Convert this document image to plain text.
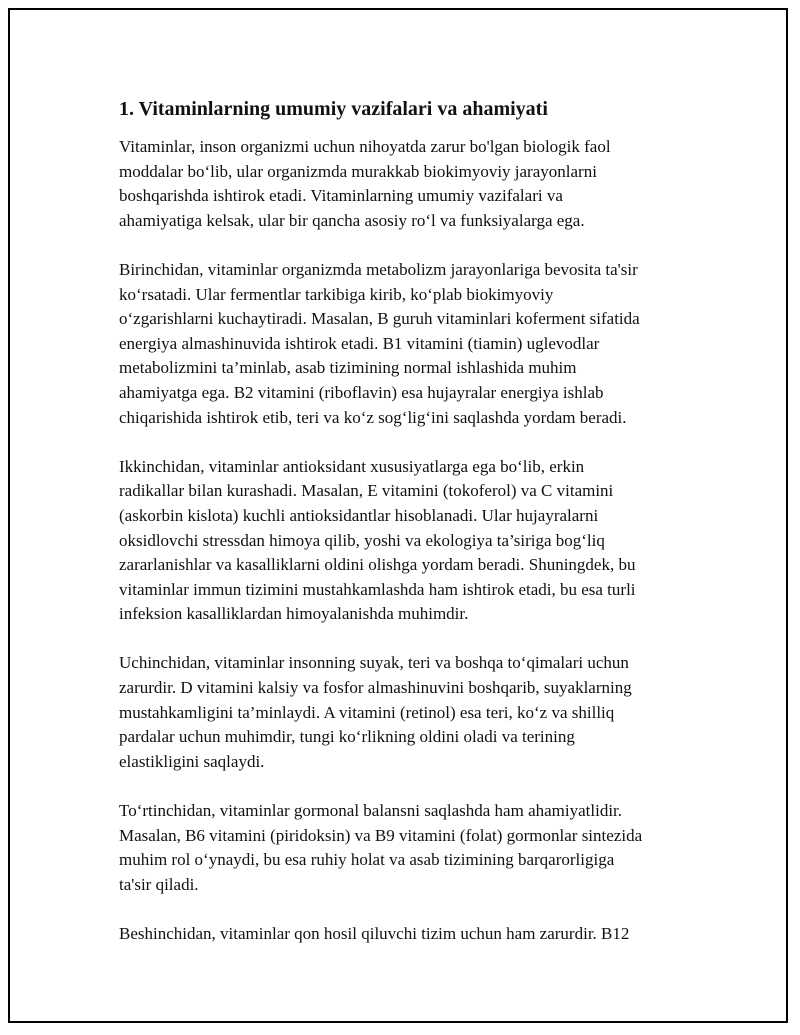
1. Vitaminlarning umumiy vazifalari va ahamiyati

Vitaminlar, inson organizmi uchun nihoyatda zarur bo'lgan biologik faol
moddalar bo‘lib, ular organizmda murakkab biokimyoviy jarayonlarni
boshqarishda ishtirok etadi. Vitaminlarning umumiy vazifalari va
ahamiyatiga kelsak, ular bir qancha asosiy ro‘l va funksiyalarga ega.

Birinchidan, vitaminlar organizmda metabolizm jarayonlariga bevosita ta'sir
ko‘rsatadi. Ular fermentlar tarkibiga kirib, ko‘plab biokimyoviy
o‘zgarishlarni kuchaytiradi. Masalan, B guruh vitaminlari koferment sifatida
energiya almashinuvida ishtirok etadi. B1 vitamini (tiamin) uglevodlar
metabolizmini ta’minlab, asab tizimining normal ishlashida muhim
ahamiyatga ega. B2 vitamini (riboflavin) esa hujayralar energiya ishlab
chiqarishida ishtirok etib, teri va ko‘z sog‘lig‘ini saqlashda yordam beradi.

Ikkinchidan, vitaminlar antioksidant xususiyatlarga ega bo‘lib, erkin
radikallar bilan kurashadi. Masalan, E vitamini (tokoferol) va C vitamini
(askorbin kislota) kuchli antioksidantlar hisoblanadi. Ular hujayralarni
oksidlovchi stressdan himoya qilib, yoshi va ekologiya ta’siriga bog‘liq
zararlanishlar va kasalliklarni oldini olishga yordam beradi. Shuningdek, bu
vitaminlar immun tizimini mustahkamlashda ham ishtirok etadi, bu esa turli
infeksion kasalliklardan himoyalanishda muhimdir.

Uchinchidan, vitaminlar insonning suyak, teri va boshqa to‘qimalari uchun
zarurdir. D vitamini kalsiy va fosfor almashinuvini boshqarib, suyaklarning
mustahkamligini ta’minlaydi. A vitamini (retinol) esa teri, ko‘z va shilliq
pardalar uchun muhimdir, tungi ko‘rlikning oldini oladi va terining
elastikligini saqlaydi.

To‘rtinchidan, vitaminlar gormonal balansni saqlashda ham ahamiyatlidir.
Masalan, B6 vitamini (piridoksin) va B9 vitamini (folat) gormonlar sintezida
muhim rol o‘ynaydi, bu esa ruhiy holat va asab tizimining barqarorligiga
ta'sir qiladi.

Beshinchidan, vitaminlar qon hosil qiluvchi tizim uchun ham zarurdir. B12
